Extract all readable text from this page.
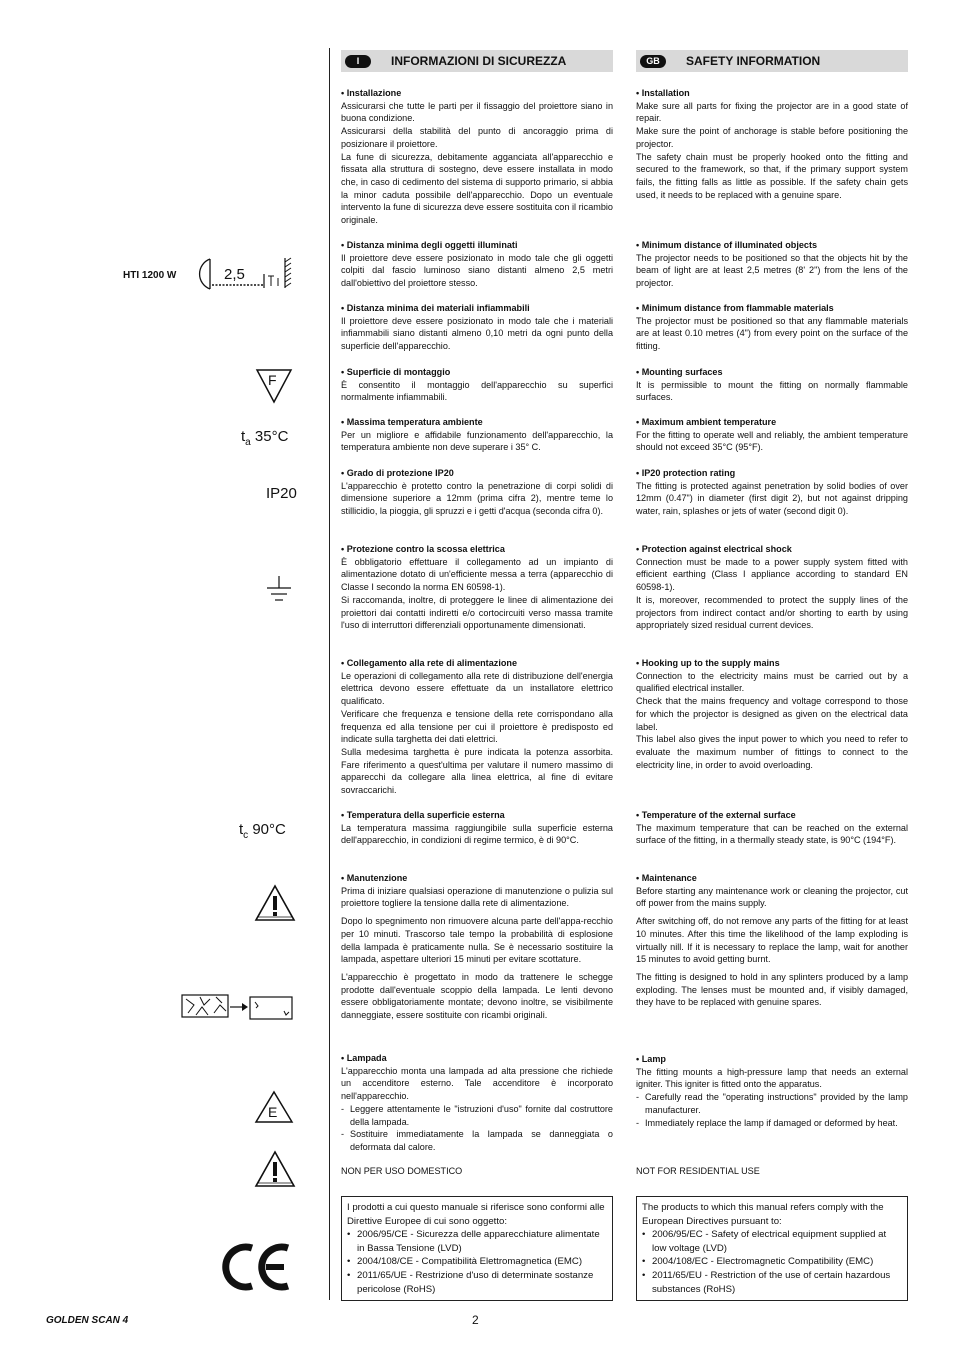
HTI 1200 W	2,5
F
$t_a$ 35°C
IP20
$t_c$ 90°C
E
I	INFORMAZIONI DI SICUREZZA
• Installazione

Assicurarsi che tutte le parti per il fissaggio del proiettore siano in buona condizione.

Assicurarsi della stabilità del punto di ancoraggio prima di posizionare il proiettore.

La fune di sicurezza, debitamente agganciata all'apparecchio e fissata alla struttura di sostegno, deve essere installata in modo che, in caso di cedimento del sistema di supporto primario, si abbia la minor caduta possibile dell'apparecchio. Dopo un eventuale intervento la fune di sicurezza deve essere sostituita con il ricambio originale.

• Distanza minima degli oggetti illuminati

Il proiettore deve essere posizionato in modo tale che gli oggetti colpiti dal fascio luminoso siano distanti almeno 2,5 metri dall'obiettivo del proiettore stesso.

• Distanza minima dei materiali infiammabili

Il proiettore deve essere posizionato in modo tale che i materiali infiammabili siano distanti almeno 0,10 metri da ogni punto della superficie dell'apparecchio.

• Superficie di montaggio

È consentito il montaggio dell'apparecchio su superfici normalmente infiammabili.

• Massima temperatura ambiente

Per un migliore e affidabile funzionamento dell'apparecchio, la temperatura ambiente non deve superare i 35° C.

• Grado di protezione IP20

L'apparecchio è protetto contro la penetrazione di corpi solidi di dimensione superiore a 12mm (prima cifra 2), mentre teme lo stillicidio, la pioggia, gli spruzzi e i getti d'acqua (seconda cifra 0).

• Protezione contro la scossa elettrica

È obbligatorio effettuare il collegamento ad un impianto di alimentazione dotato di un'efficiente messa a terra (apparecchio di Classe I secondo la norma EN 60598-1).

Si raccomanda, inoltre, di proteggere le linee di alimentazione dei proiettori dai contatti indiretti e/o cortocircuiti verso massa tramite l'uso di interruttori differenziali opportunamente dimensionati.

• Collegamento alla rete di alimentazione

Le operazioni di collegamento alla rete di distribuzione dell'energia elettrica devono essere effettuate da un installatore elettrico qualificato.

Verificare che frequenza e tensione della rete corrispondano alla frequenza ed alla tensione per cui il proiettore è predisposto ed indicate sulla targhetta dei dati elettrici.

Sulla medesima targhetta è pure indicata la potenza assorbita. Fare riferimento a quest'ultima per valutare il numero massimo di apparecchi da collegare alla linea elettrica, al fine di evitare sovraccarichi.

• Temperatura della superficie esterna

La temperatura massima raggiungibile sulla superficie esterna dell'apparecchio, in condizioni di regime termico, è di 90°C.

• Manutenzione

Prima di iniziare qualsiasi operazione di manutenzione o pulizia sul proiettore togliere la tensione dalla rete di alimentazione.

Dopo lo spegnimento non rimuovere alcuna parte dell'appa-recchio per 10 minuti. Trascorso tale tempo la probabilità di esplosione della lampada è praticamente nulla. Se è necessario sostituire la lampada, aspettare ulteriori 15 minuti per evitare scottature.

L'apparecchio è progettato in modo da trattenere le schegge prodotte dall'eventuale scoppio della lampada. Le lenti devono essere obbligatoriamente montate; devono inoltre, se visibilmente danneggiate, essere sostituite con ricambi originali.

• Lampada

L'apparecchio monta una lampada ad alta pressione che richiede un accenditore esterno. Tale accenditore è incorporato nell'apparecchio.

- Leggere attentamente le "istruzioni d'uso" fornite dal costruttore della lampada.
- Sostituire immediatamente la lampada se danneggiata o deformata dal calore.

NON PER USO DOMESTICO

I prodotti a cui questo manuale si riferisce sono conformi alle Direttive Europee di cui sono oggetto:
• 2006/95/CE - Sicurezza delle apparecchiature alimentate in Bassa Tensione (LVD)
• 2004/108/CE - Compatibilità Elettromagnetica (EMC)
• 2011/65/UE - Restrizione d'uso di determinate sostanze pericolose (RoHS)
GB	SAFETY INFORMATION
• Installation

Make sure all parts for fixing the projector are in a good state of repair.

Make sure the point of anchorage is stable before positioning the projector.

The safety chain must be properly hooked onto the fitting and secured to the framework, so that, if the primary support system fails, the fitting falls as little as possible. If the safety chain gets used, it needs to be replaced with a genuine spare.

• Minimum distance of illuminated objects

The projector needs to be positioned so that the objects hit by the beam of light are at least 2,5 metres (8' 2") from the lens of the projector.

• Minimum distance from flammable materials

The projector must be positioned so that any flammable materials are at least 0.10 metres (4") from every point on the surface of the fitting.

• Mounting surfaces

It is permissible to mount the fitting on normally flammable surfaces.

• Maximum ambient temperature

For the fitting to operate well and reliably, the ambient temperature should not exceed 35°C (95°F).

• IP20 protection rating

The fitting is protected against penetration by solid bodies of over 12mm (0.47") in diameter (first digit 2), but not against dripping water, rain, splashes or jets of water (second digit 0).

• Protection against electrical shock

Connection must be made to a power supply system fitted with efficient earthing (Class I appliance according to standard EN 60598-1).

It is, moreover, recommended to protect the supply lines of the projectors from indirect contact and/or shorting to earth by using appropriately sized residual current devices.

• Hooking up to the supply mains

Connection to the electricity mains must be carried out by a qualified electrical installer.

Check that the mains frequency and voltage correspond to those for which the projector is designed as given on the electrical data label.

This label also gives the input power to which you need to refer to evaluate the maximum number of fittings to connect to the electricity line, in order to avoid overloading.

• Temperature of the external surface

The maximum temperature that can be reached on the external surface of the fitting, in a thermally steady state, is 90°C (194°F).

• Maintenance

Before starting any maintenance work or cleaning the projector, cut off power from the mains supply.

After switching off, do not remove any parts of the fitting for at least 10 minutes. After this time the likelihood of the lamp exploding is virtually nill. If it is necessary to replace the lamp, wait for another 15 minutes to avoid getting burnt.

The fitting is designed to hold in any splinters produced by a lamp exploding. The lenses must be mounted and, if visibly damaged, they have to be replaced with genuine spares.

• Lamp

The fitting mounts a high-pressure lamp that needs an external igniter. This igniter is fitted onto the apparatus.

- Carefully read the "operating instructions" provided by the lamp manufacturer.
- Immediately replace the lamp if damaged or deformed by heat.

NOT FOR RESIDENTIAL USE

The products to which this manual refers comply with the European Directives pursuant to:
• 2006/95/EC - Safety of electrical equipment supplied at low voltage (LVD)
• 2004/108/EC - Electromagnetic Compatibility (EMC)
• 2011/65/EU - Restriction of the use of certain hazardous substances (RoHS)
GOLDEN SCAN 4	2
